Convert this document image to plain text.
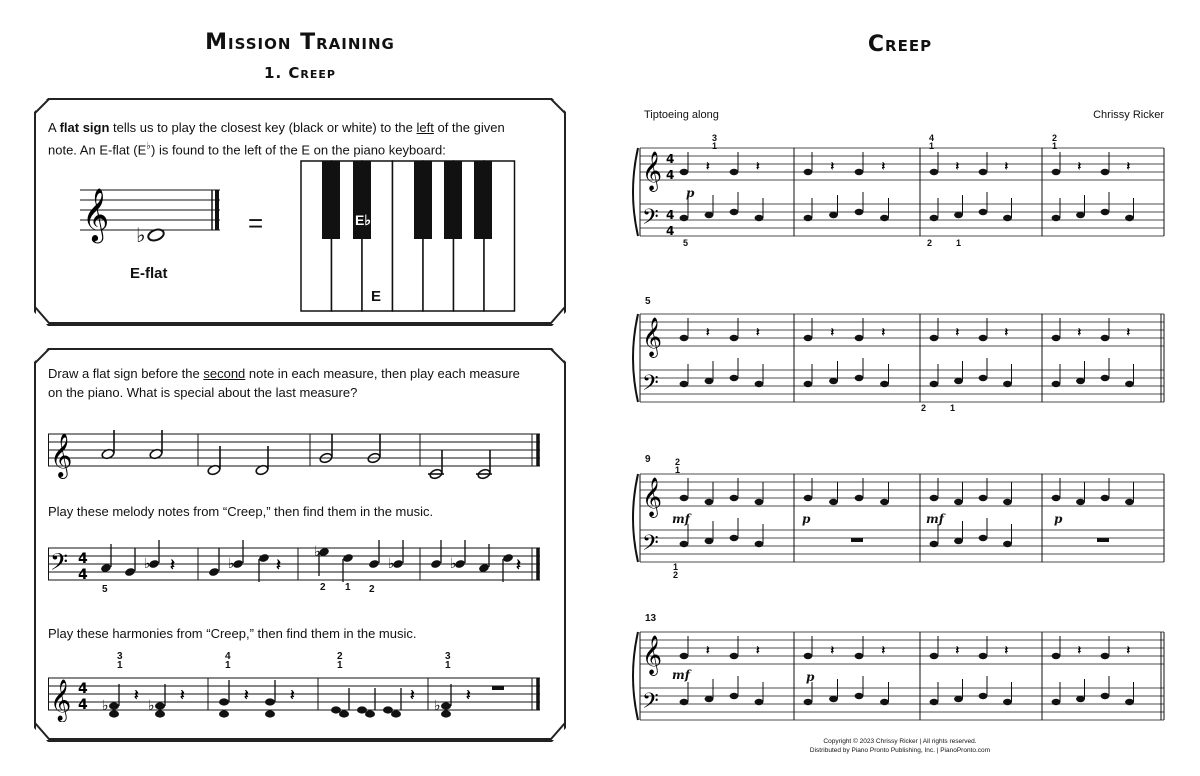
Mission Training
1. Creep
A flat sign tells us to play the closest key (black or white) to the left of the given
note. An E-flat (E♭) is found to the left of the E on the piano keyboard:
𝄞 ♭
E-flat
=	E♭
E
Draw a flat sign before the second note in each measure, then play each measure
on the piano. What is special about the last measure?
𝄞
Play these melody notes from “Creep,” then find them in the music.
𝄢 4
4
♭	♭
♭
♭	♭
𝄽	𝄽	𝄽
5	2 1 2
Play these harmonies from “Creep,” then find them in the music.
𝄞 4
4 ♭	♭	♭
𝄽	𝄽	𝄽	𝄽	𝄽	𝄽
3
1
4
1
2
1
3
1
Creep
Tiptoeing along	Chrissy Ricker
𝄞 4
4
𝄢 4
4
𝄽	𝄽	𝄽	𝄽	𝄽	𝄽	𝄽	𝄽
𝄞
𝄢
𝄽	𝄽	𝄽	𝄽	𝄽	𝄽	𝄽	𝄽
𝄞
𝄢
𝄞
𝄢
𝄽	𝄽	𝄽	𝄽	𝄽	𝄽	𝄽	𝄽
5
9
13
p
mf	p	mf	p
mf	p
3
1
4
1
2
1
5	2	1
2	1
2
1
1
2
Copyright © 2023 Chrissy Ricker | All rights reserved.
Distributed by Piano Pronto Publishing, Inc. | PianoPronto.com
